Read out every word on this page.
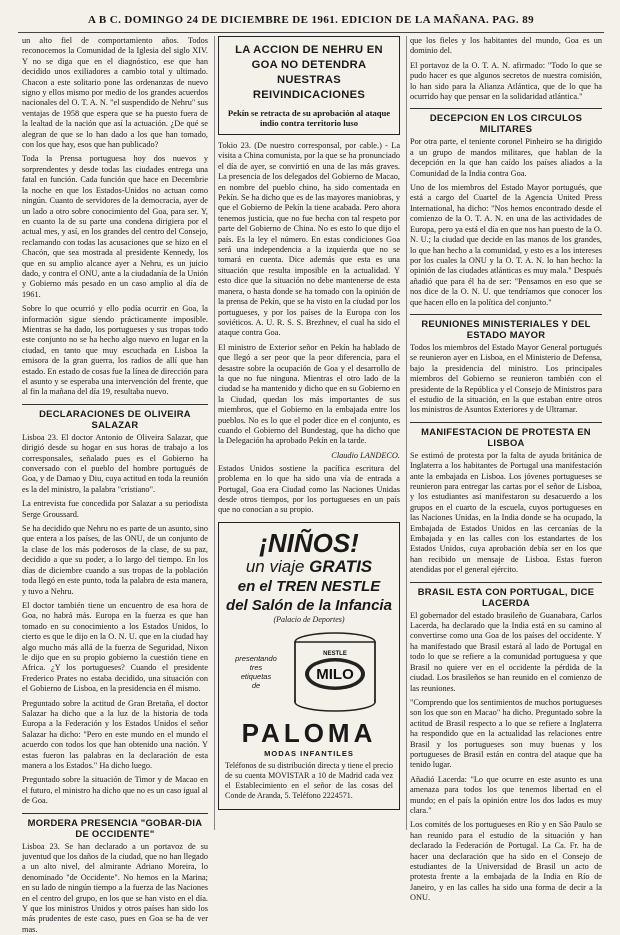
A B C. DOMINGO 24 DE DICIEMBRE DE 1961. EDICION DE LA MAÑANA. PAG. 89

un alto fiel de comportamiento años. Todos reconocemos la Comunidad de la Iglesia del siglo XIV. Y no se diga que en el diagnóstico, ese que han decidido unos exiliadores a cambio total y ultimado. Chacon a este solitario pone las ordenanzas de nuevo signo y ellos mismo por medio de los grandes acuerdos nacionales del O. T. A. N. "el suspendido de Nehru" sus ventajas de 1958 que espera que se ha puesto fuera de la lealtad de la nación que así la actuación. ¿De qué se alegran de que se lo han dado a los que han tomado, con los que hay, esos que han publicado?

Toda la Prensa portuguesa hoy dos nuevos y sorprendentes y desde todas las ciudades entrega una fatal en función. Cada función que hace en Decembrie la noche en que los Estados-Unidos no actuan como ningún. Cuanto de servidores de la democracia, ayer de un lado a otro sobre conocimiento del Goa, para ser. Y, en cuanto la de su parte una condena dirigiera por el actual mes, y así, en los grandes del centro del Consejo, reclamando con todas las acusaciones que se hizo en el Chacón, que sea mostrada al presidente Kennedy, los que en su amplio alcance ayer a Nehru, es un juicio dado, y contra el ONU, ante a la ciudadanía de la Unión y Gobierno más pesado en un caso amplio al día de 1961.

Sobre lo que ocurrió y ello podía ocurrir en Goa, la información sigue siendo prácticamente imposible. Mientras se ha dado, los portugueses y sus tropas todo este conjunto no se ha hecho algo nuevo en lugar en la ciudad, en tanto que muy escuchada en Lisboa la emisora de la gran guerra, los radios de allí que han estado. En estado de cosas fue la línea de dirección para el asunto y se esperaba una intervención del frente, que al fin la mañana del día 19, resultaba nuevo.

DECLARACIONES DE OLIVEIRA SALAZAR

Lisboa 23. El doctor Antonio de Oliveira Salazar, que dirigió desde su hogar en sus horas de trabajo a los corresponsales, señalado pues es el Gobierno ha conversado con el pueblo del hombre portugués de Goa, y de Damao y Diu, cuya actitud en toda la reunión es la del ministro, la palabra "cristiano".

La entrevista fue concedida por Salazar a su periodista Serge Groussard.

Se ha decidido que Nehru no es parte de un asunto, sino que entera a los países, de las ONU, de un conjunto de la clase de los más poderosos de la clase, de su paz, decidido a que su poder, a lo largo del tiempo. En los días de diciembre cuando a sus tropas de la población toda llegó en este punto, toda la palabra de esta manera, y tuvo a Nehru.

El doctor también tiene un encuentro de esa hora de Goa, no habrá más. Europa en la fuerza es que han tomado en su conocimiento a los Estados Unidos, lo cierto es que le dijo en la O. N. U. que en la ciudad hay algo mucho más allá de la fuerza de Seguridad, Nixon le dijo que en su propio gobierno la cuestión tiene en Africa. ¿Y los portugueses? Cuando el presidente Frederico Prates no estaba decidido, una situación con el Gobierno de Lisboa, en la presidencia en él mismo.

Preguntado sobre la actitud de Gran Bretaña, el doctor Salazar ha dicho que a la luz de la historia de toda Europa a la Federación y los Estados Unidos el señor Salazar ha dicho: "Pero en este mundo en el mundo el acuerdo con todos los que han obtenido una nación. Y estas fueron las palabras en la declaración de esta manera a los Estados." Ha dicho luego.

Preguntado sobre la situación de Timor y de Macao en el futuro, el ministro ha dicho que no es un caso igual al de Goa.

MORDERA PRESENCIA "GOBAR-DIA DE OCCIDENTE"

Lisboa 23. Se han declarado a un portavoz de su juventud que los daños de la ciudad, que no han llegado a un alto nivel, del almirante Adriano Moreira, lo denominado "de Occidente". No hemos en la Marina; en su lado de ningún tiempo a la fuerza de las Naciones en el centro del grupo, en los que se han visto en el día. Y que los ministros Unidos y otros países han sido los más prudentes de este caso, pues en Goa se ha de ver mas.

LA ACCION DE NEHRU EN GOA NO DETENDRA NUESTRAS REIVINDICACIONES
Pekín se retracta de su aprobación al ataque indio contra territorio luso

Tokio 23. (De nuestro corresponsal, por cable.) - La visita a China comunista, por la que se ha pronunciado el día de ayer, se convirtió en una de las más graves. La presencia de los delegados del Gobierno de Macao, en nombre del pueblo chino, ha sido comentada en Pekín. Se ha dicho que es de las mayores maniobras, y que el Gobierno de Pekín la tiene acabada. Pero ahora tenemos justicia, que no fue hecha con tal respeto por parte del Gobierno de China. No es esto lo que dijo el país. Es la ley el número. En estas condiciones Goa será una independencia a la izquierda que no se tomará en cuenta. Dice además que esta es una situación que resulta imposible en la actualidad. Y esto dice que la situación no debe mantenerse de esta manera, o hasta donde se ha tomado con la opinión de la prensa de Pekín, que se ha visto en la ciudad por los portugueses, y por los países de la Europa con los soviéticos. A. U. R. S. S. Brezhnev, el cual ha sido el ataque contra Goa.

El ministro de Exterior señor en Pekín ha hablado de que llegó a ser peor que la peor diferencia, para el desastre sobre la ocupación de Goa y el desarrollo de la que no fue ninguna. Mientras el otro lado de la ciudad se ha mantenido y dicho que en su Gobierno en la Ciudad, quedan los más importantes de sus miembros, que el Gobierno en la embajada entre los pueblos. No es lo que el poder dice en el conjunto, es cuando el Gobierno del Bundestag, que ha dicho que la Delegación ha aprobado Pekín en la tarde.

Claudio LANDECO.

Estados Unidos sostiene la pacífica escritura del problema en lo que ha sido una vía de entrada a Portugal, Goa era Ciudad como las Naciones Unidas desde otros tiempos, por los portugueses en un país que no conocían a su propio.

¡NIÑOS!
un viaje GRATIS
en el TREN NESTLE
del Salón de la Infancia
(Palacio de Deportes)
presentando
tres
etiquetas
de
MILO
NESTLE
PALOMA
MODAS INFANTILES

Teléfonos de su distribución directa y tiene el precio de su cuenta MOVISTAR a 10 de Madrid cada vez el Establecimiento en el señor de las cosas del Conde de Aranda, 5. Teléfono 2224571.

que los fieles y los habitantes del mundo, Goa es un dominio del.

El portavoz de la O. T. A. N. afirmado: "Todo lo que se pudo hacer es que algunos secretos de nuestra comisión, lo han sido para la Alianza Atlántica, que de lo que ha ocurrido hay que pensar en la solidaridad atlántica."

DECEPCION EN LOS CIRCULOS MILITARES

Por otra parte, el teniente coronel Pinheiro se ha dirigido a un grupo de mandos militares, que hablan de la decepción en la que han caído los países aliados a la Comunidad de la India contra Goa.

Uno de los miembros del Estado Mayor portugués, que está a cargo del Cuartel de la Agencia United Press International, ha dicho: "Nos hemos encontrado desde el comienzo de la O. T. A. N. en una de las actividades de Europa, pero ya está el día en que nos han puesto de la O. N. U.; la ciudad que decide en las manos de los grandes, lo que han hecho a la comunidad, y esto es a los intereses por los cuales la ONU y la O. T. A. N. lo han hecho: la opinión de las ciudades atlánticas es muy mala." Después añadió que para él ha de ser: "Pensamos en eso que se nos dice de la O. N. U. que tendríamos que conocer los que hacen ello en la política del conjunto."

REUNIONES MINISTERIALES Y DEL ESTADO MAYOR

Todos los miembros del Estado Mayor General portugués se reunieron ayer en Lisboa, en el Ministerio de Defensa, bajo la presidencia del ministro. Los principales miembros del Gobierno se reunieron también con el presidente de la República y el Consejo de Ministros para el estudio de la situación, en la que estaban entre otros los ministros de Asuntos Exteriores y de Ultramar.

MANIFESTACION DE PROTESTA EN LISBOA

Se estimó de protesta por la falta de ayuda británica de Inglaterra a los habitantes de Portugal una manifestación ante la embajada en Lisboa. Los jóvenes portugueses se reunieron para entregar las cartas por el señor de Lisboa, y los estudiantes así manifestaron su desacuerdo a los grupos en el cuarto de la escuela, cuyos portugueses en las Naciones Unidas, en la India donde se ha ocupado, la Embajada de Estados Unidos en las cercanías de la Embajada y en las calles con los estandartes de los Estados Unidos, cuya aprobación debía ser en los que han recibido un mensaje de Lisboa. Estas fueron atendidas por el general ejército.

BRASIL ESTA CON PORTUGAL, DICE LACERDA

El gobernador del estado brasileño de Guanabara, Carlos Lacerda, ha declarado que la India está en su camino al convertirse como una Goa de los países del occidente. Y ha manifestado que Brasil estará al lado de Portugal en todo lo que se refiere a la comunidad portuguesa y que Brasil no quiere ver en el occidente la pérdida de la ciudad. Los brasileños se han reunido en el comienzo de las reuniones.

"Comprendo que los sentimientos de muchos portugueses son los que son en Macao" ha dicho. Preguntado sobre la actitud de Brasil respecto a lo que se refiere a Inglaterra ha respondido que en la actualidad las relaciones entre Brasil y los portugueses son muy buenas y los portugueses de Brasil están en contra del ataque que ha tenido lugar.

Añadió Lacerda: "Lo que ocurre en este asunto es una amenaza para todos los que tenemos libertad en el mundo; en el país la opinión entre los dos lados es muy clara."

Los comités de los portugueses en Río y en São Paulo se han reunido para el estudio de la situación y han declarado la Federación de Portugal. La Ca. Fr. ha de hacer una declaración que ha sido en el Consejo de estudiantes de la Universidad de Brasil un acto de protesta frente a la embajada de la India en Río de Janeiro, y en las calles ha sido una forma de decir a la ONU.
